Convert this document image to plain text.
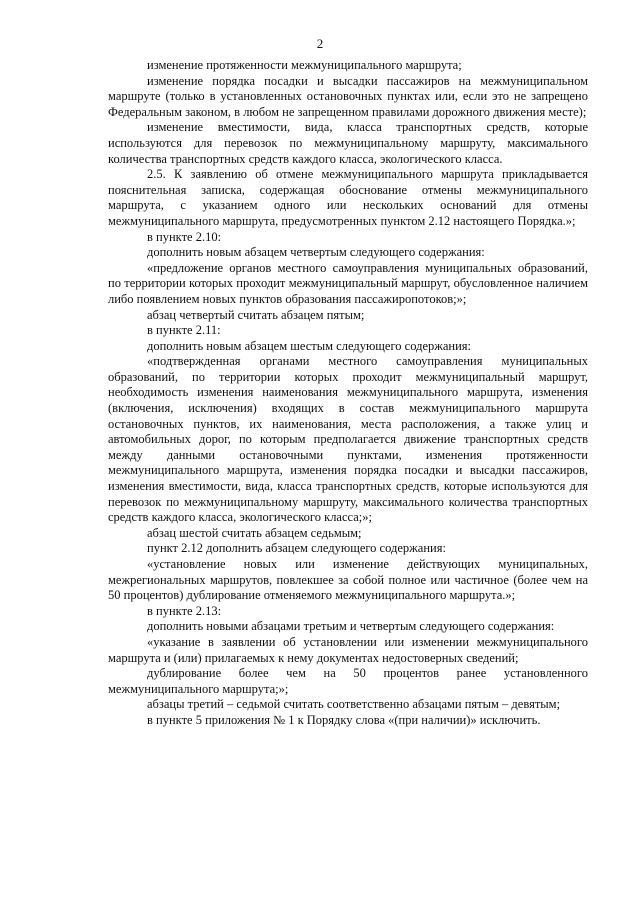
2

изменение протяженности межмуниципального маршрута;

изменение порядка посадки и высадки пассажиров на межмуниципальном маршруте (только в установленных остановочных пунктах или, если это не запрещено Федеральным законом, в любом не запрещенном правилами дорожного движения месте);

изменение вместимости, вида, класса транспортных средств, которые используются для перевозок по межмуниципальному маршруту, максимального количества транспортных средств каждого класса, экологического класса.

2.5. К заявлению об отмене межмуниципального маршрута прикладывается пояснительная записка, содержащая обоснование отмены межмуниципального маршрута, с указанием одного или нескольких оснований для отмены межмуниципального маршрута, предусмотренных пунктом 2.12 настоящего Порядка.»;

в пункте 2.10:

дополнить новым абзацем четвертым следующего содержания:

«предложение органов местного самоуправления муниципальных образований, по территории которых проходит межмуниципальный маршрут, обусловленное наличием либо появлением новых пунктов образования пассажиропотоков;»;

абзац четвертый считать абзацем пятым;

в пункте 2.11:

дополнить новым абзацем шестым следующего содержания:

«подтвержденная органами местного самоуправления муниципальных образований, по территории которых проходит межмуниципальный маршрут, необходимость изменения наименования межмуниципального маршрута, изменения (включения, исключения) входящих в состав межмуниципального маршрута остановочных пунктов, их наименования, места расположения, а также улиц и автомобильных дорог, по которым предполагается движение транспортных средств между данными остановочными пунктами, изменения протяженности межмуниципального маршрута, изменения порядка посадки и высадки пассажиров, изменения вместимости, вида, класса транспортных средств, которые используются для перевозок по межмуниципальному маршруту, максимального количества транспортных средств каждого класса, экологического класса;»;

абзац шестой считать абзацем седьмым;

пункт 2.12 дополнить абзацем следующего содержания:

«установление новых или изменение действующих муниципальных, межрегиональных маршрутов, повлекшее за собой полное или частичное (более чем на 50 процентов) дублирование отменяемого межмуниципального маршрута.»;

в пункте 2.13:

дополнить новыми абзацами третьим и четвертым следующего содержания:

«указание в заявлении об установлении или изменении межмуниципального маршрута и (или) прилагаемых к нему документах недостоверных сведений;

дублирование более чем на 50 процентов ранее установленного межмуниципального маршрута;»;

абзацы третий – седьмой считать соответственно абзацами пятым – девятым;

в пункте 5 приложения № 1 к Порядку слова «(при наличии)» исключить.
